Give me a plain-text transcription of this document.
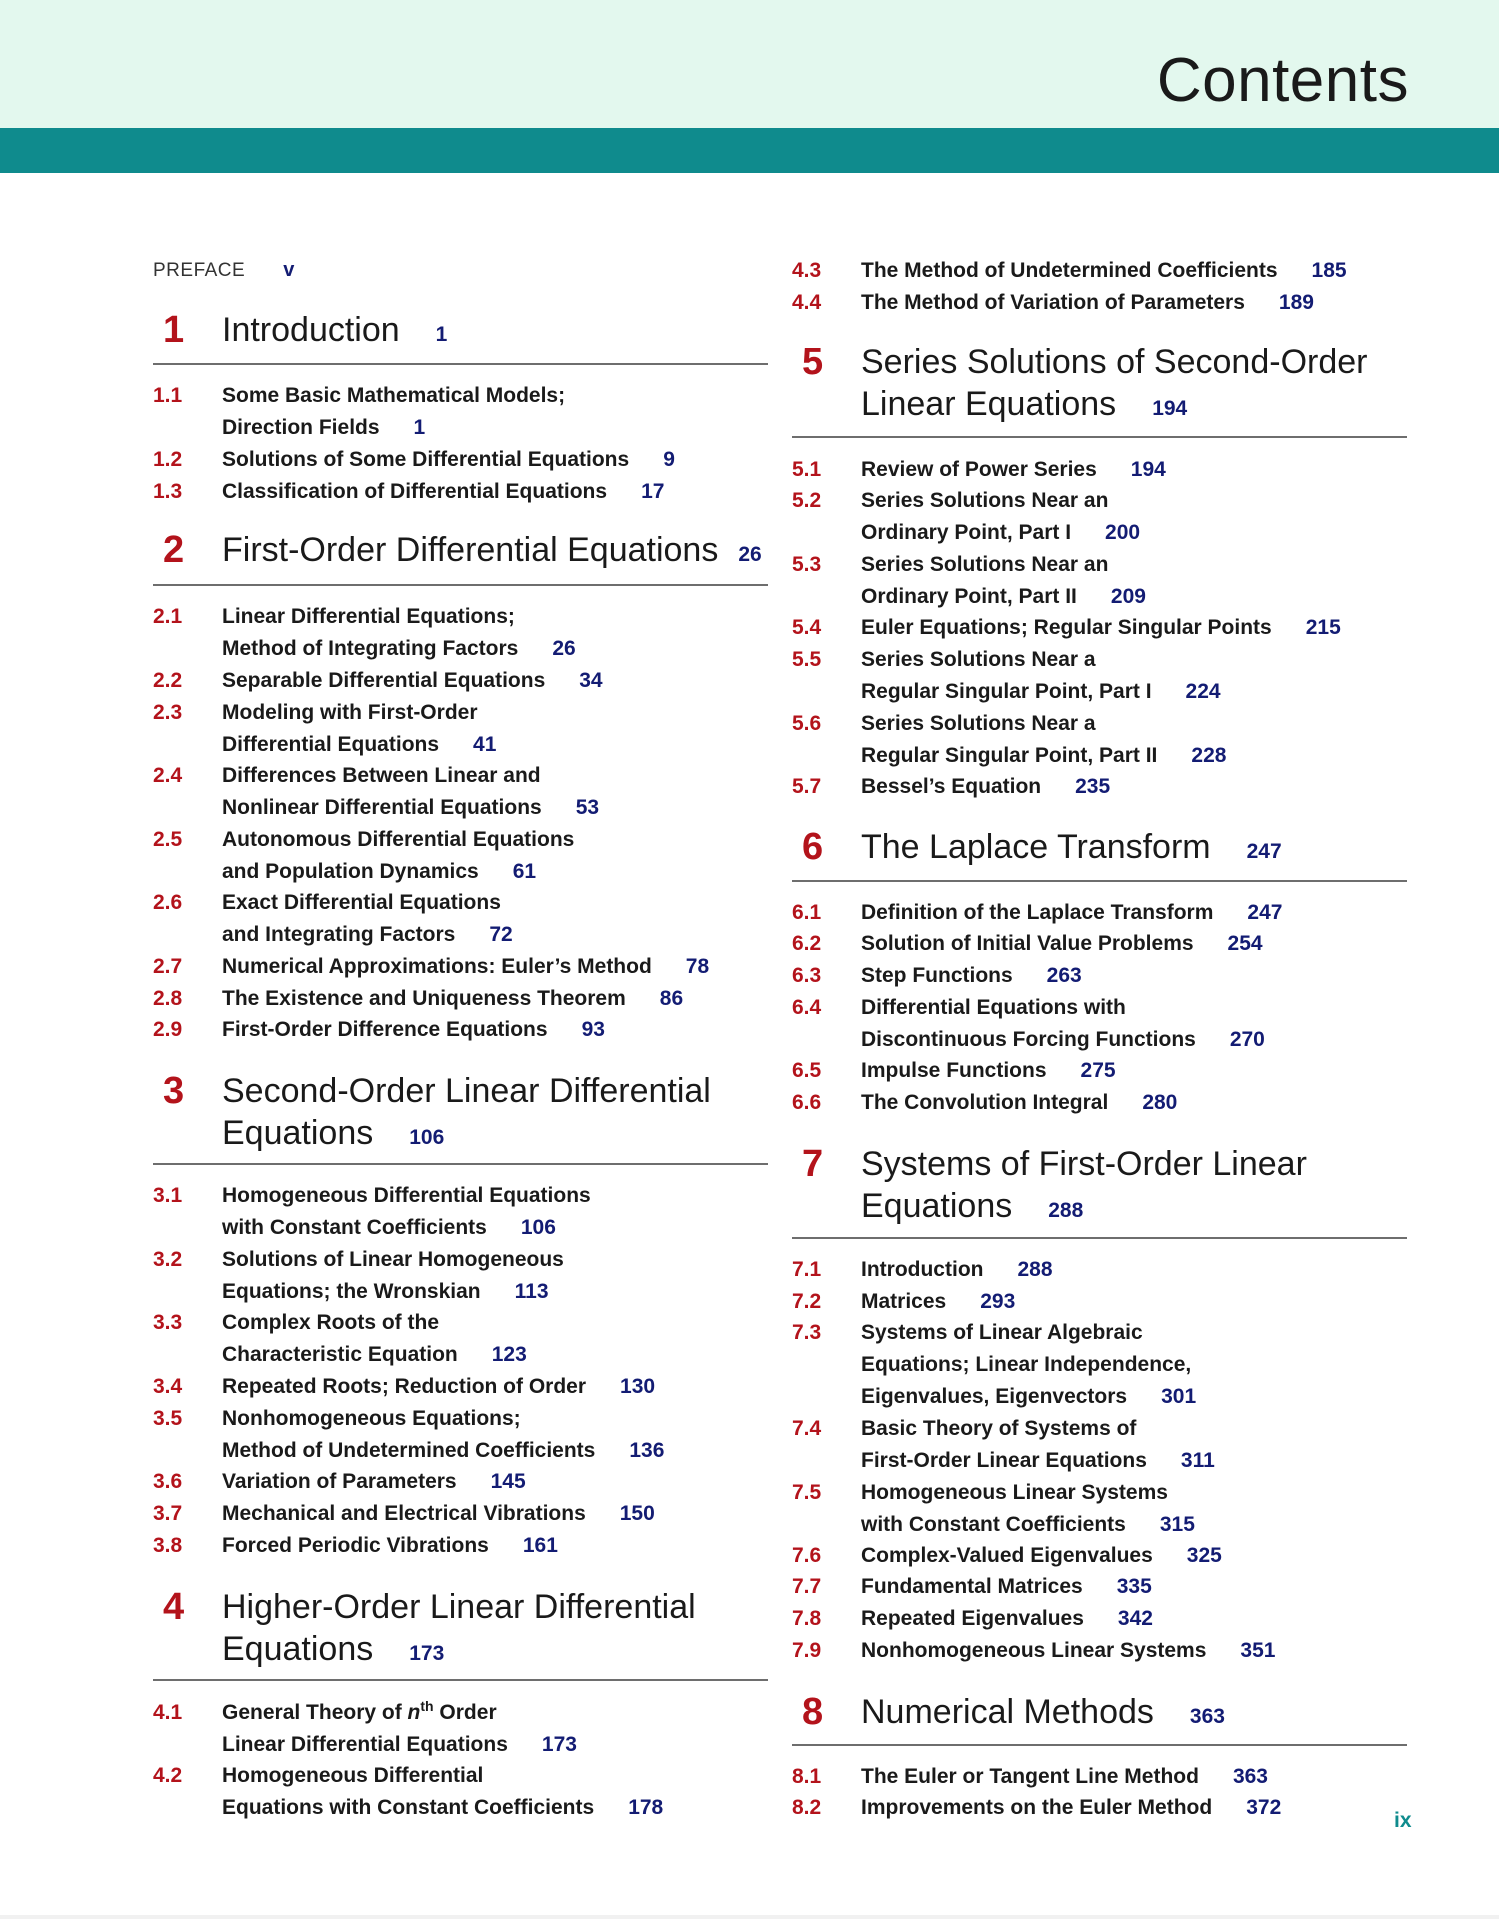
Contents
PREFACE v
1 Introduction 1
1.1 Some Basic Mathematical Models;
Direction Fields 1
1.2 Solutions of Some Differential Equations 9
1.3 Classification of Differential Equations 17
2 First-Order Differential Equations 26
2.1 Linear Differential Equations;
Method of Integrating Factors 26
2.2 Separable Differential Equations 34
2.3 Modeling with First-Order
Differential Equations 41
2.4 Differences Between Linear and
Nonlinear Differential Equations 53
2.5 Autonomous Differential Equations
and Population Dynamics 61
2.6 Exact Differential Equations
and Integrating Factors 72
2.7 Numerical Approximations: Euler’s Method 78
2.8 The Existence and Uniqueness Theorem 86
2.9 First-Order Difference Equations 93
3 Second-Order Linear Differential
Equations 106
3.1 Homogeneous Differential Equations
with Constant Coefficients 106
3.2 Solutions of Linear Homogeneous
Equations; the Wronskian 113
3.3 Complex Roots of the
Characteristic Equation 123
3.4 Repeated Roots; Reduction of Order 130
3.5 Nonhomogeneous Equations;
Method of Undetermined Coefficients 136
3.6 Variation of Parameters 145
3.7 Mechanical and Electrical Vibrations 150
3.8 Forced Periodic Vibrations 161
4 Higher-Order Linear Differential
Equations 173
4.1 General Theory of $n^{th}$ Order
Linear Differential Equations 173
4.2 Homogeneous Differential
Equations with Constant Coefficients 178
4.3 The Method of Undetermined Coefficients 185
4.4 The Method of Variation of Parameters 189
5 Series Solutions of Second-Order
Linear Equations 194
5.1 Review of Power Series 194
5.2 Series Solutions Near an
Ordinary Point, Part I 200
5.3 Series Solutions Near an
Ordinary Point, Part II 209
5.4 Euler Equations; Regular Singular Points 215
5.5 Series Solutions Near a
Regular Singular Point, Part I 224
5.6 Series Solutions Near a
Regular Singular Point, Part II 228
5.7 Bessel’s Equation 235
6 The Laplace Transform 247
6.1 Definition of the Laplace Transform 247
6.2 Solution of Initial Value Problems 254
6.3 Step Functions 263
6.4 Differential Equations with
Discontinuous Forcing Functions 270
6.5 Impulse Functions 275
6.6 The Convolution Integral 280
7 Systems of First-Order Linear
Equations 288
7.1 Introduction 288
7.2 Matrices 293
7.3 Systems of Linear Algebraic
Equations; Linear Independence,
Eigenvalues, Eigenvectors 301
7.4 Basic Theory of Systems of
First-Order Linear Equations 311
7.5 Homogeneous Linear Systems
with Constant Coefficients 315
7.6 Complex-Valued Eigenvalues 325
7.7 Fundamental Matrices 335
7.8 Repeated Eigenvalues 342
7.9 Nonhomogeneous Linear Systems 351
8 Numerical Methods 363
8.1 The Euler or Tangent Line Method 363
8.2 Improvements on the Euler Method 372
ix
